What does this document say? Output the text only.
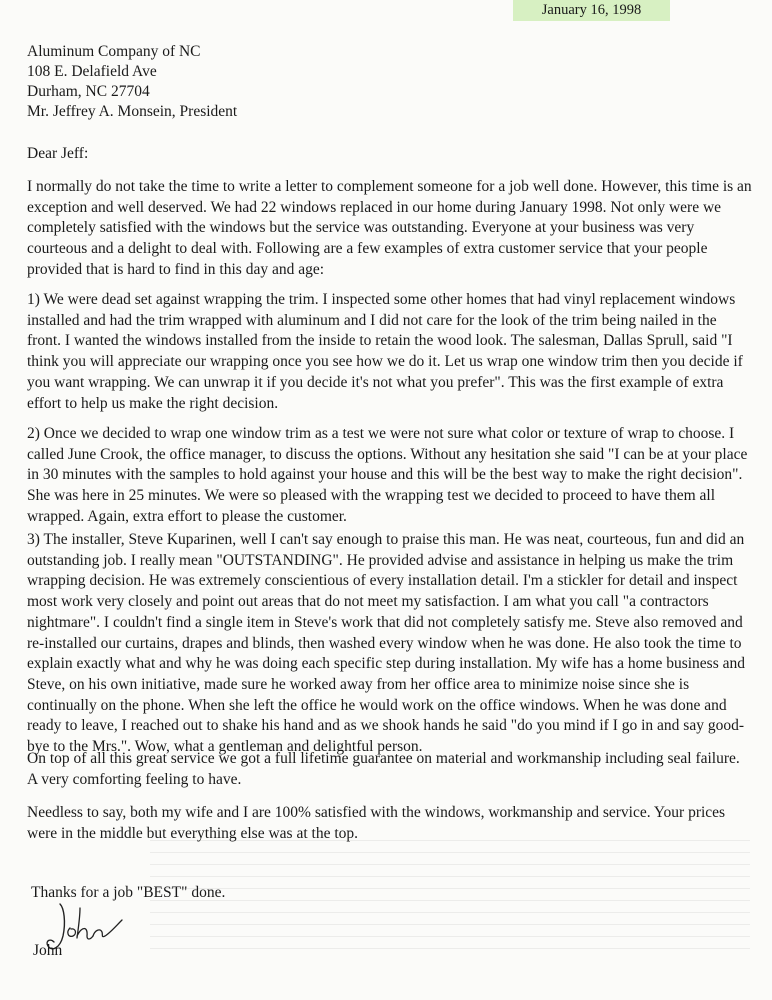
January 16, 1998
Aluminum Company of NC
108 E. Delafield Ave
Durham, NC 27704
Mr. Jeffrey A. Monsein, President
Dear Jeff:

I normally do not take the time to write a letter to complement someone for a job well done. However, this time is an exception and well deserved. We had 22 windows replaced in our home during January 1998. Not only were we completely satisfied with the windows but the service was outstanding. Everyone at your business was very courteous and a delight to deal with. Following are a few examples of extra customer service that your people provided that is hard to find in this day and age:

1) We were dead set against wrapping the trim. I inspected some other homes that had vinyl replacement windows installed and had the trim wrapped with aluminum and I did not care for the look of the trim being nailed in the front. I wanted the windows installed from the inside to retain the wood look. The salesman, Dallas Sprull, said "I think you will appreciate our wrapping once you see how we do it. Let us wrap one window trim then you decide if you want wrapping. We can unwrap it if you decide it's not what you prefer". This was the first example of extra effort to help us make the right decision.

2) Once we decided to wrap one window trim as a test we were not sure what color or texture of wrap to choose. I called June Crook, the office manager, to discuss the options. Without any hesitation she said "I can be at your place in 30 minutes with the samples to hold against your house and this will be the best way to make the right decision". She was here in 25 minutes. We were so pleased with the wrapping test we decided to proceed to have them all wrapped. Again, extra effort to please the customer.

3) The installer, Steve Kuparinen, well I can't say enough to praise this man. He was neat, courteous, fun and did an outstanding job. I really mean "OUTSTANDING". He provided advise and assistance in helping us make the trim wrapping decision. He was extremely conscientious of every installation detail. I'm a stickler for detail and inspect most work very closely and point out areas that do not meet my satisfaction. I am what you call "a contractors nightmare". I couldn't find a single item in Steve's work that did not completely satisfy me. Steve also removed and re-installed our curtains, drapes and blinds, then washed every window when he was done. He also took the time to explain exactly what and why he was doing each specific step during installation. My wife has a home business and Steve, on his own initiative, made sure he worked away from her office area to minimize noise since she is continually on the phone. When she left the office he would work on the office windows. When he was done and ready to leave, I reached out to shake his hand and as we shook hands he said "do you mind if I go in and say good-bye to the Mrs.". Wow, what a gentleman and delightful person.

On top of all this great service we got a full lifetime guarantee on material and workmanship including seal failure. A very comforting feeling to have.

Needless to say, both my wife and I are 100% satisfied with the windows, workmanship and service. Your prices were in the middle but everything else was at the top.

Thanks for a job "BEST" done.
John
